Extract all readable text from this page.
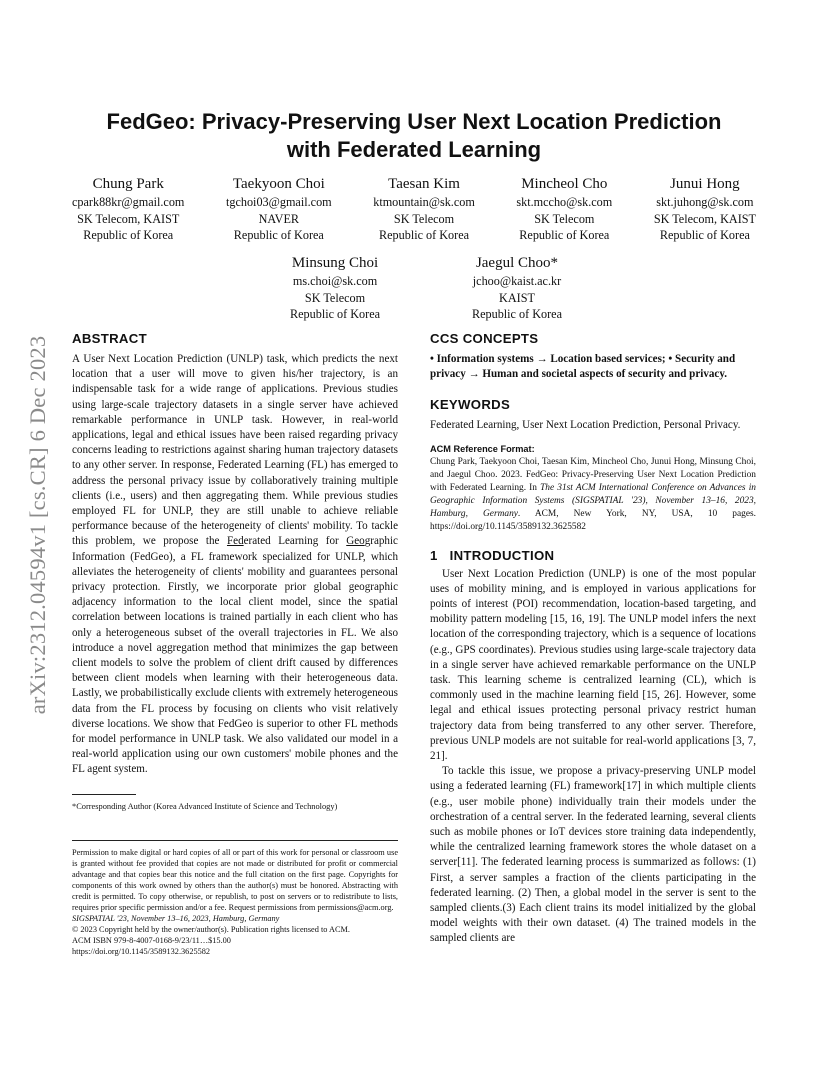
arXiv:2312.04594v1 [cs.CR] 6 Dec 2023
FedGeo: Privacy-Preserving User Next Location Prediction
with Federated Learning
Chung Park
cpark88kr@gmail.com
SK Telecom, KAIST
Republic of Korea
Taekyoon Choi
tgchoi03@gmail.com
NAVER
Republic of Korea
Taesan Kim
ktmountain@sk.com
SK Telecom
Republic of Korea
Mincheol Cho
skt.mccho@sk.com
SK Telecom
Republic of Korea
Junui Hong
skt.juhong@sk.com
SK Telecom, KAIST
Republic of Korea
Minsung Choi
ms.choi@sk.com
SK Telecom
Republic of Korea
Jaegul Choo*
jchoo@kaist.ac.kr
KAIST
Republic of Korea
ABSTRACT

A User Next Location Prediction (UNLP) task, which predicts the next location that a user will move to given his/her trajectory, is an indispensable task for a wide range of applications. Previous studies using large-scale trajectory datasets in a single server have achieved remarkable performance in UNLP task. However, in real-world applications, legal and ethical issues have been raised regarding privacy concerns leading to restrictions against sharing human trajectory datasets to any other server. In response, Federated Learning (FL) has emerged to address the personal privacy issue by collaboratively training multiple clients (i.e., users) and then aggregating them. While previous studies employed FL for UNLP, they are still unable to achieve reliable performance because of the heterogeneity of clients' mobility. To tackle this problem, we propose the Federated Learning for Geographic Information (FedGeo), a FL framework specialized for UNLP, which alleviates the heterogeneity of clients' mobility and guarantees personal privacy protection. Firstly, we incorporate prior global geographic adjacency information to the local client model, since the spatial correlation between locations is trained partially in each client who has only a heterogeneous subset of the overall trajectories in FL. We also introduce a novel aggregation method that minimizes the gap between client models to solve the problem of client drift caused by differences between client models when learning with their heterogeneous data. Lastly, we probabilistically exclude clients with extremely heterogeneous data from the FL process by focusing on clients who visit relatively diverse locations. We show that FedGeo is superior to other FL methods for model performance in UNLP task. We also validated our model in a real-world application using our own customers' mobile phones and the FL agent system.

*Corresponding Author (Korea Advanced Institute of Science and Technology)

Permission to make digital or hard copies of all or part of this work for personal or classroom use is granted without fee provided that copies are not made or distributed for profit or commercial advantage and that copies bear this notice and the full citation on the first page. Copyrights for components of this work owned by others than the author(s) must be honored. Abstracting with credit is permitted. To copy otherwise, or republish, to post on servers or to redistribute to lists, requires prior specific permission and/or a fee. Request permissions from permissions@acm.org.

SIGSPATIAL '23, November 13–16, 2023, Hamburg, Germany

© 2023 Copyright held by the owner/author(s). Publication rights licensed to ACM.

ACM ISBN 979-8-4007-0168-9/23/11…$15.00

https://doi.org/10.1145/3589132.3625582

CCS CONCEPTS

• Information systems → Location based services; • Security and privacy → Human and societal aspects of security and privacy.

KEYWORDS

Federated Learning, User Next Location Prediction, Personal Privacy.

ACM Reference Format:

Chung Park, Taekyoon Choi, Taesan Kim, Mincheol Cho, Junui Hong, Minsung Choi, and Jaegul Choo. 2023. FedGeo: Privacy-Preserving User Next Location Prediction with Federated Learning. In The 31st ACM International Conference on Advances in Geographic Information Systems (SIGSPATIAL '23), November 13–16, 2023, Hamburg, Germany. ACM, New York, NY, USA, 10 pages. https://doi.org/10.1145/3589132.3625582

1 INTRODUCTION

User Next Location Prediction (UNLP) is one of the most popular uses of mobility mining, and is employed in various applications for points of interest (POI) recommendation, location-based targeting, and mobility pattern modeling [15, 16, 19]. The UNLP model infers the next location of the corresponding trajectory, which is a sequence of locations (e.g., GPS coordinates). Previous studies using large-scale trajectory data in a single server have achieved remarkable performance on the UNLP task. This learning scheme is centralized learning (CL), which is commonly used in the machine learning field [15, 26]. However, some legal and ethical issues protecting personal privacy restrict human trajectory data from being transferred to any other server. Therefore, previous UNLP models are not suitable for real-world applications [3, 7, 21].

To tackle this issue, we propose a privacy-preserving UNLP model using a federated learning (FL) framework[17] in which multiple clients (e.g., user mobile phone) individually train their models under the orchestration of a central server. In the federated learning, several clients such as mobile phones or IoT devices store training data independently, while the centralized learning framework stores the whole dataset on a server[11]. The federated learning process is summarized as follows: (1) First, a server samples a fraction of the clients participating in the federated learning. (2) Then, a global model in the server is sent to the sampled clients.(3) Each client trains its model initialized by the global model weights with their own dataset. (4) The trained models in the sampled clients are
